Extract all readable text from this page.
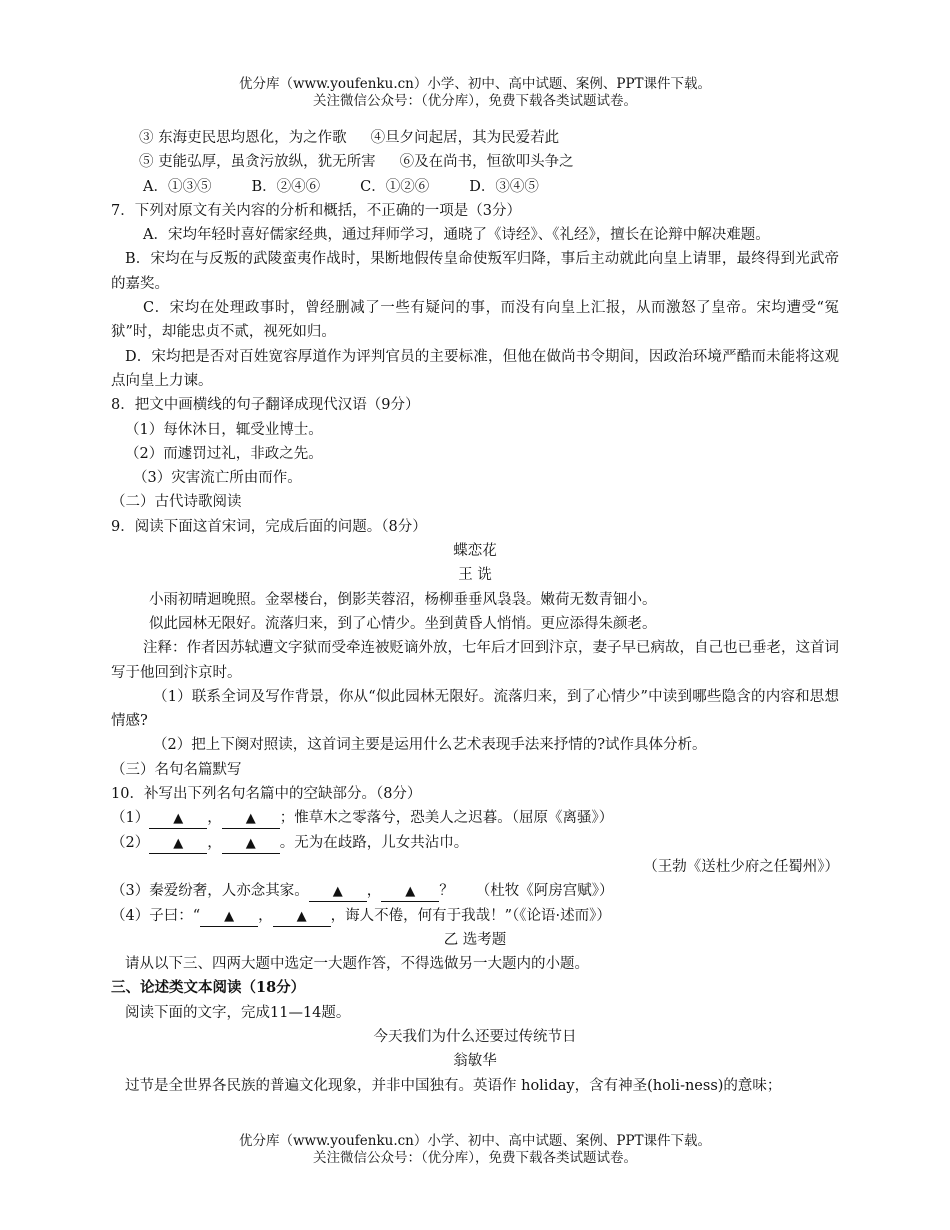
优分库（www.youfenku.cn）小学、初中、高中试题、案例、PPT课件下载。
关注微信公众号：（优分库），免费下载各类试题试卷。
③ 东海吏民思均恩化，为之作歌 ④旦夕问起居，其为民爱若此
⑤ 吏能弘厚，虽贪污放纵，犹无所害 ⑥及在尚书，恒欲叩头争之
A．①③⑤	B．②④⑥	C．①②⑥	D．③④⑤
7．下列对原文有关内容的分析和概括，不正确的一项是（3分）
A．宋均年轻时喜好儒家经典，通过拜师学习，通晓了《诗经》、《礼经》，擅长在论辩中解决难题。
B．宋均在与反叛的武陵蛮夷作战时，果断地假传皇命使叛军归降，事后主动就此向皇上请罪，最终得到光武帝的嘉奖。
C．宋均在处理政事时，曾经删减了一些有疑问的事，而没有向皇上汇报，从而激怒了皇帝。宋均遭受“冤狱”时，却能忠贞不贰，视死如归。
D．宋均把是否对百姓宽容厚道作为评判官员的主要标准，但他在做尚书令期间，因政治环境严酷而未能将这观点向皇上力谏。
8．把文中画横线的句子翻译成现代汉语（9分）
（1）每休沐日，辄受业博士。
（2）而遽罚过礼，非政之先。
（3）灾害流亡所由而作。
（二）古代诗歌阅读
9．阅读下面这首宋词，完成后面的问题。（8分）
蝶恋花
王 诜
小雨初晴迴晚照。金翠楼台，倒影芙蓉沼，杨柳垂垂风袅袅。嫩荷无数青钿小。
似此园林无限好。流落归来，到了心情少。坐到黄昏人悄悄。更应添得朱颜老。
注释：作者因苏轼遭文字狱而受牵连被贬谪外放，七年后才回到汴京，妻子早已病故，自己也已垂老，这首词写于他回到汴京时。
（1）联系全词及写作背景，你从“似此园林无限好。流落归来，到了心情少”中读到哪些隐含的内容和思想情感?
（2）把上下阕对照读，这首词主要是运用什么艺术表现手法来抒情的?试作具体分析。
（三）名句名篇默写
10．补写出下列名句名篇中的空缺部分。（8分）
（1） ▲ ， ▲ ；惟草木之零落兮，恐美人之迟暮。（屈原《离骚》）
（2） ▲ ， ▲ 。无为在歧路，儿女共沾巾。
（王勃《送杜少府之任蜀州》）
（3）秦爱纷奢，人亦念其家。 ▲ ， ▲ ？ （杜牧《阿房宫赋》）
（4）子曰：“ ▲ ， ▲ ，诲人不倦，何有于我哉！”（《论语·述而》）
乙 选考题
请从以下三、四两大题中选定一大题作答，不得选做另一大题内的小题。
三、论述类文本阅读（18分）
阅读下面的文字，完成11—14题。
今天我们为什么还要过传统节日
翁敏华
过节是全世界各民族的普遍文化现象，并非中国独有。英语作 holiday，含有神圣(holi-ness)的意味；
优分库（www.youfenku.cn）小学、初中、高中试题、案例、PPT课件下载。
关注微信公众号：（优分库），免费下载各类试题试卷。
